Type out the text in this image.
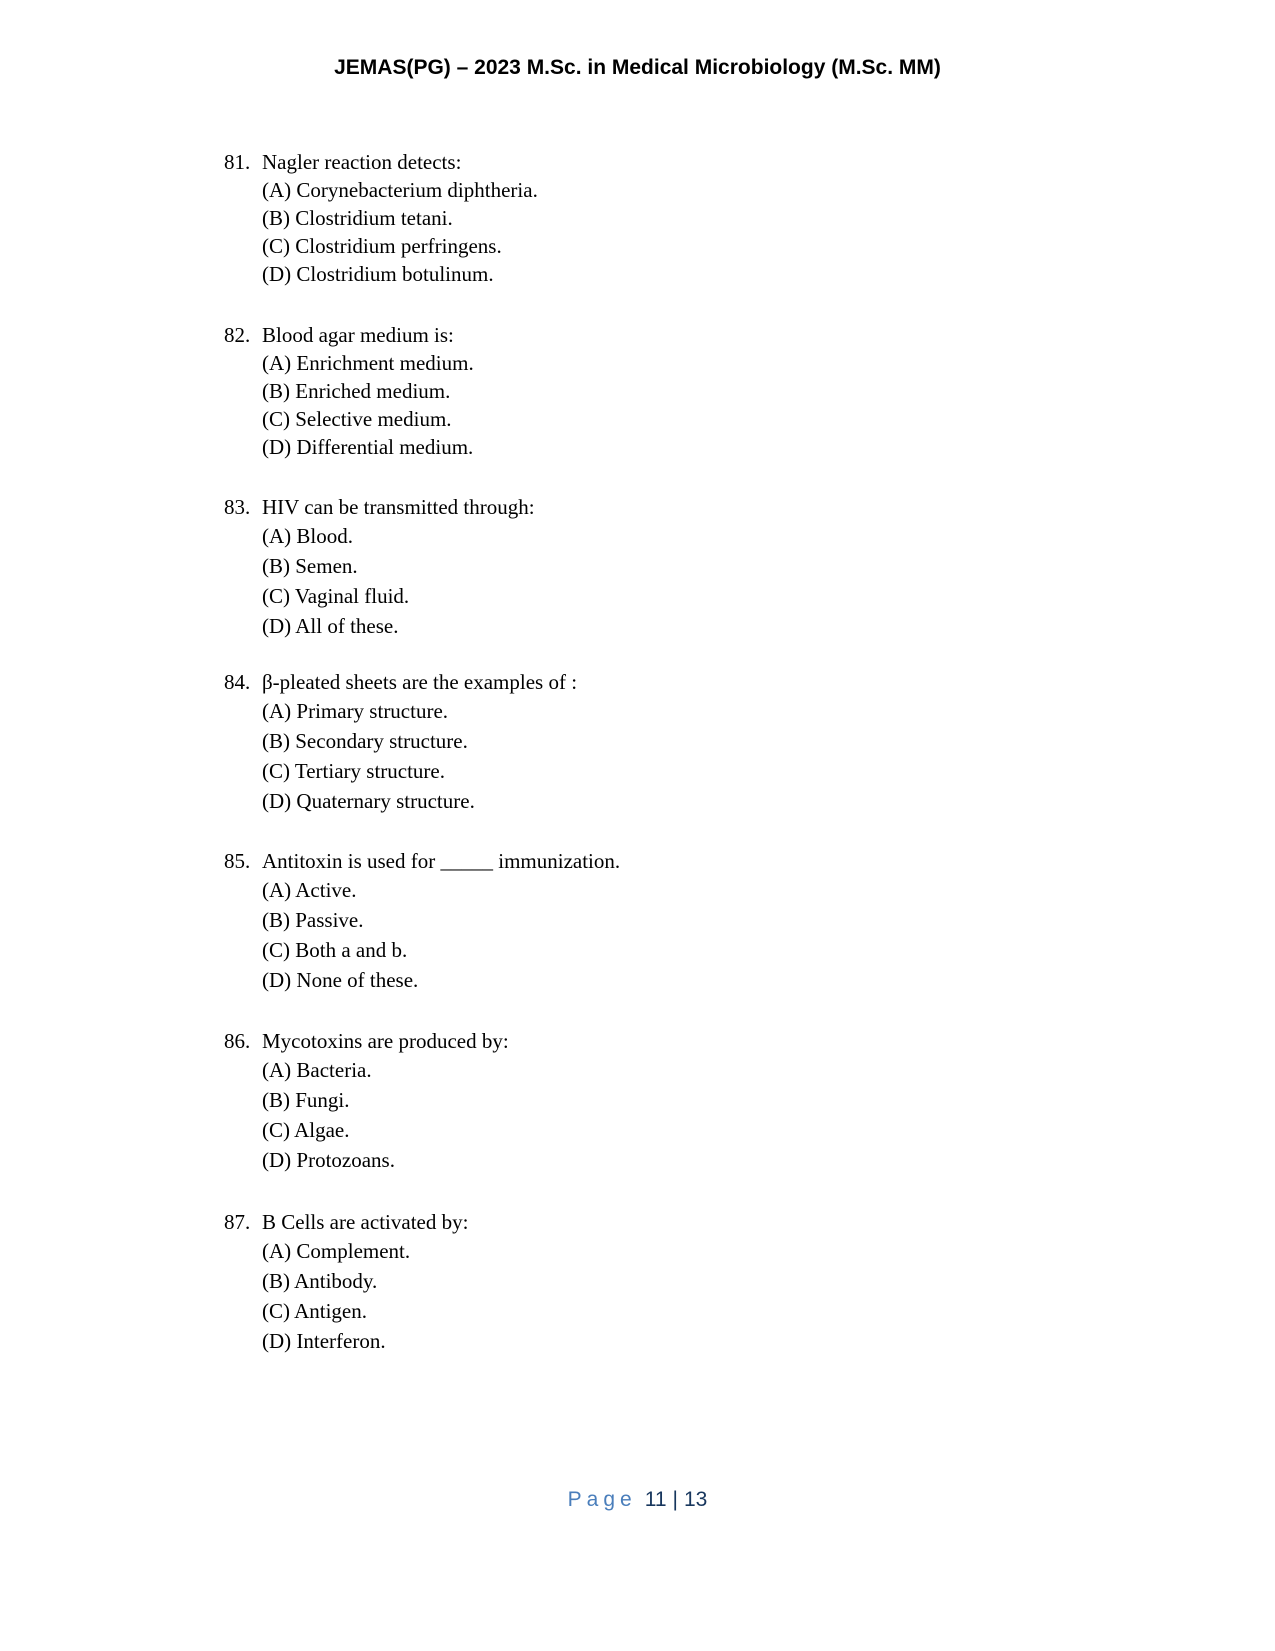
JEMAS(PG) – 2023 M.Sc. in Medical Microbiology (M.Sc. MM)
81. Nagler reaction detects:
(A) Corynebacterium diphtheria.
(B) Clostridium tetani.
(C) Clostridium perfringens.
(D) Clostridium botulinum.
82. Blood agar medium is:
(A) Enrichment medium.
(B) Enriched medium.
(C) Selective medium.
(D) Differential medium.
83. HIV can be transmitted through:
(A) Blood.
(B) Semen.
(C) Vaginal fluid.
(D) All of these.
84. β-pleated sheets are the examples of :
(A) Primary structure.
(B) Secondary structure.
(C) Tertiary structure.
(D) Quaternary structure.
85. Antitoxin is used for _____ immunization.
(A) Active.
(B) Passive.
(C) Both a and b.
(D) None of these.
86. Mycotoxins are produced by:
(A) Bacteria.
(B) Fungi.
(C) Algae.
(D) Protozoans.
87. B Cells are activated by:
(A) Complement.
(B) Antibody.
(C) Antigen.
(D) Interferon.
Page 11 | 13
